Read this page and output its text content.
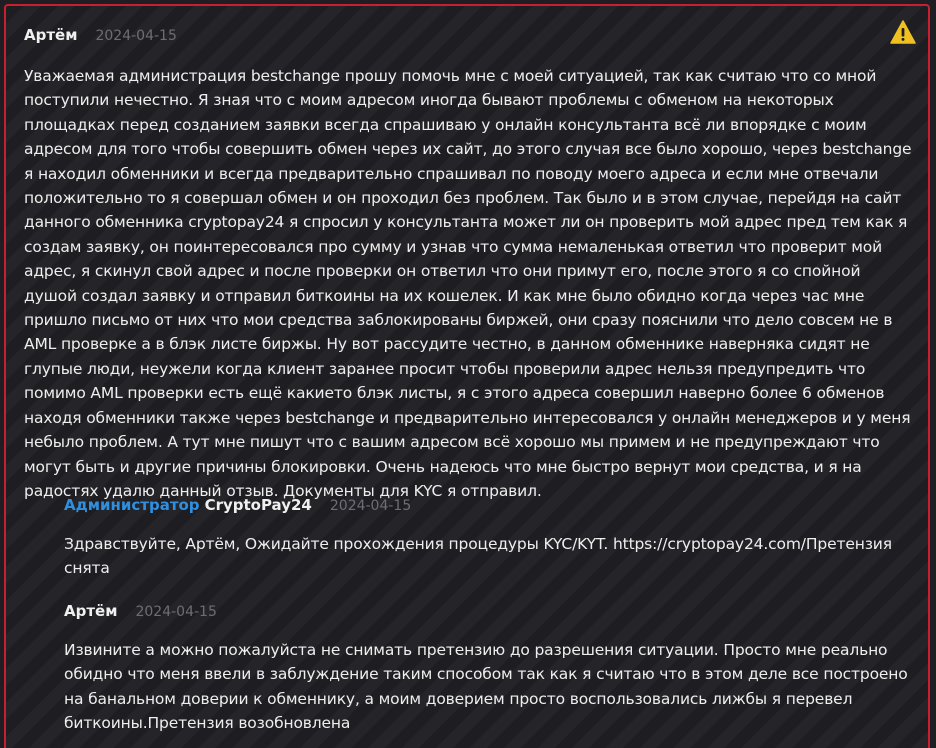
Артём 2024-04-15
Уважаемая администрация bestchange прошу помочь мне с моей ситуацией, так как считаю что со мной поступили нечестно. Я зная что с моим адресом иногда бывают проблемы с обменом на некоторых площадках перед созданием заявки всегда спрашиваю у онлайн консультанта всё ли впорядке с моим адресом для того чтобы совершить обмен через их сайт, до этого случая все было хорошо, через bestchange я находил обменники и всегда предварительно спрашивал по поводу моего адреса и если мне отвечали положительно то я совершал обмен и он проходил без проблем. Так было и в этом случае, перейдя на сайт данного обменника cryptopay24 я спросил у консультанта может ли он проверить мой адрес пред тем как я создам заявку, он поинтересовался про сумму и узнав что сумма немаленькая ответил что проверит мой адрес, я скинул свой адрес и после проверки он ответил что они примут его, после этого я со спойной душой создал заявку и отправил биткоины на их кошелек. И как мне было обидно когда через час мне пришло письмо от них что мои средства заблокированы биржей, они сразу пояснили что дело совсем не в AML проверке а в блэк листе биржы. Ну вот рассудите честно, в данном обменнике наверняка сидят не глупые люди, неужели когда клиент заранее просит чтобы проверили адрес нельзя предупредить что помимо AML проверки есть ещё какието блэк листы, я с этого адреса совершил наверно более 6 обменов находя обменники также через bestchange и предварительно интересовался у онлайн менеджеров и у меня небыло проблем. А тут мне пишут что с вашим адресом всё хорошо мы примем и не предупреждают что могут быть и другие причины блокировки. Очень надеюсь что мне быстро вернут мои средства, и я на радостях удалю данный отзыв. Документы для KYC я отправил.
Администратор CryptoPay24 2024-04-15
Здравствуйте, Артём, Ожидайте прохождения процедуры KYC/KYT. https://cryptopay24.com/Претензия снята
Артём 2024-04-15
Извините а можно пожалуйста не снимать претензию до разрешения ситуации. Просто мне реально обидно что меня ввели в заблуждение таким способом так как я считаю что в этом деле все построено на банальном доверии к обменнику, а моим доверием просто воспользовались лижбы я перевел биткоины.Претензия возобновлена
